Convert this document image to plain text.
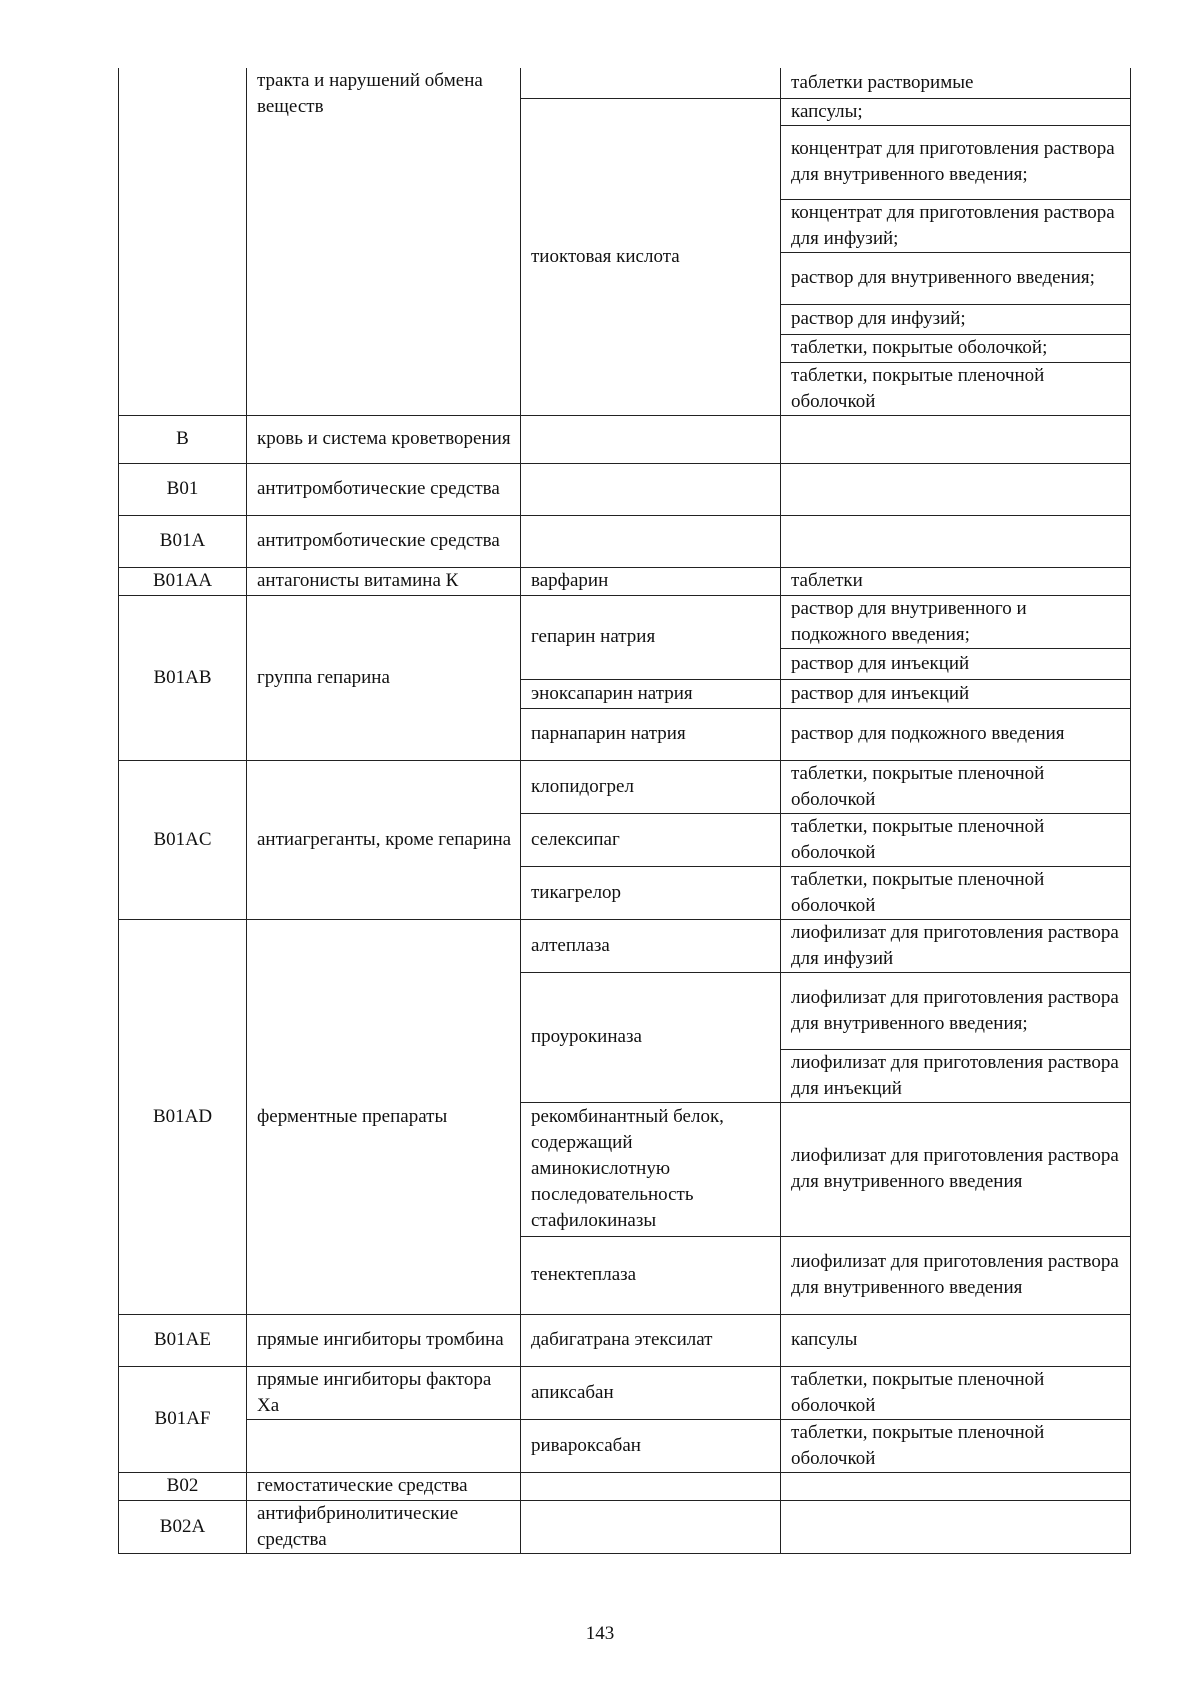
	тракта и нарушений обмена веществ		таблетки растворимые
		тиоктовая кислота	капсулы;
			концентрат для приготовления раствора для внутривенного введения;
			концентрат для приготовления раствора для инфузий;
			раствор для внутривенного введения;
			раствор для инфузий;
			таблетки, покрытые оболочкой;
			таблетки, покрытые пленочной оболочкой
B	кровь и система кроветворения		
B01	антитромботические средства		
B01A	антитромботические средства		
B01AA	антагонисты витамина К	варфарин	таблетки
B01AB	группа гепарина	гепарин натрия	раствор для внутривенного и подкожного введения;
			раствор для инъекций
		эноксапарин натрия	раствор для инъекций
		парнапарин натрия	раствор для подкожного введения
B01AC	антиагреганты, кроме гепарина	клопидогрел	таблетки, покрытые пленочной оболочкой
		селексипаг	таблетки, покрытые пленочной оболочкой
		тикагрелор	таблетки, покрытые пленочной оболочкой
B01AD	ферментные препараты	алтеплаза	лиофилизат для приготовления раствора для инфузий
		проурокиназа	лиофилизат для приготовления раствора для внутривенного введения;
			лиофилизат для приготовления раствора для инъекций
		рекомбинантный белок, содержащий аминокислотную последовательность стафилокиназы	лиофилизат для приготовления раствора для внутривенного введения
		тенектеплаза	лиофилизат для приготовления раствора для внутривенного введения
B01AE	прямые ингибиторы тромбина	дабигатрана этексилат	капсулы
B01AF	прямые ингибиторы фактора Ха	апиксабан	таблетки, покрытые пленочной оболочкой
		ривароксабан	таблетки, покрытые пленочной оболочкой
B02	гемостатические средства		
B02A	антифибринолитические средства		
143
